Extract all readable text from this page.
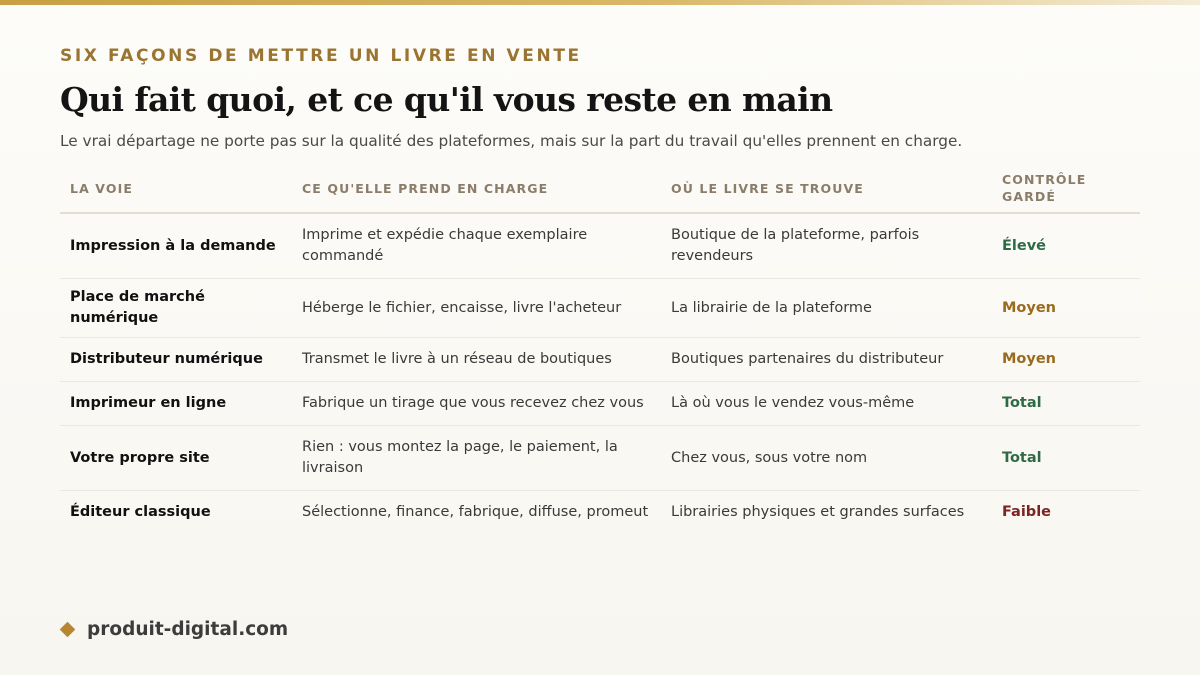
SIX FAÇONS DE METTRE UN LIVRE EN VENTE
Qui fait quoi, et ce qu'il vous reste en main
Le vrai départage ne porte pas sur la qualité des plateformes, mais sur la part du travail qu'elles prennent en charge.
LA VOIE	CE QU'ELLE PREND EN CHARGE	OÙ LE LIVRE SE TROUVE	CONTRÔLE GARDÉ
Impression à la demande	Imprime et expédie chaque exemplaire commandé	Boutique de la plateforme, parfois revendeurs	Élevé
Place de marché numérique	Héberge le fichier, encaisse, livre l'acheteur	La librairie de la plateforme	Moyen
Distributeur numérique	Transmet le livre à un réseau de boutiques	Boutiques partenaires du distributeur	Moyen
Imprimeur en ligne	Fabrique un tirage que vous recevez chez vous	Là où vous le vendez vous-même	Total
Votre propre site	Rien : vous montez la page, le paiement, la livraison	Chez vous, sous votre nom	Total
Éditeur classique	Sélectionne, finance, fabrique, diffuse, promeut	Librairies physiques et grandes surfaces	Faible
produit-digital.com
